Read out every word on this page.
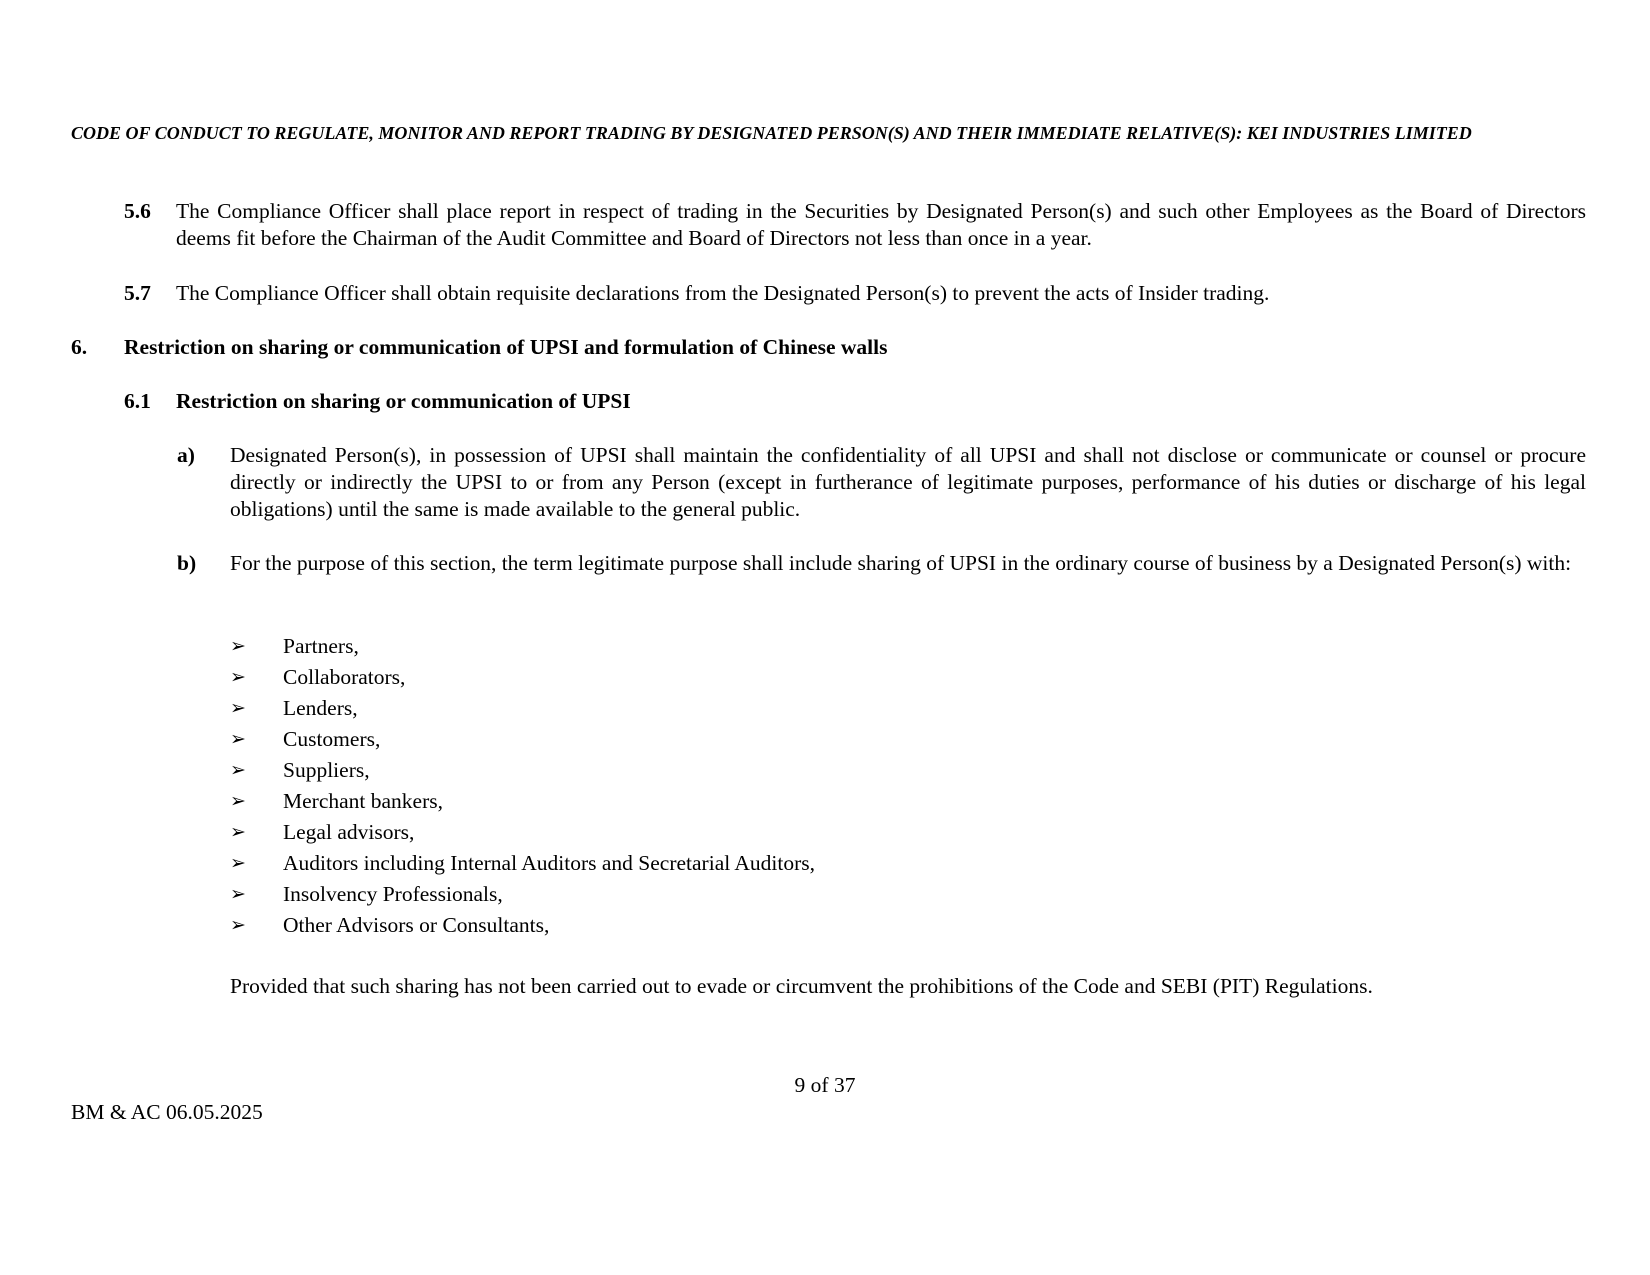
CODE OF CONDUCT TO REGULATE, MONITOR AND REPORT TRADING BY DESIGNATED PERSON(S) AND THEIR IMMEDIATE RELATIVE(S): KEI INDUSTRIES LIMITED
5.6 The Compliance Officer shall place report in respect of trading in the Securities by Designated Person(s) and such other Employees as the Board of Directors deems fit before the Chairman of the Audit Committee and Board of Directors not less than once in a year.
5.7 The Compliance Officer shall obtain requisite declarations from the Designated Person(s) to prevent the acts of Insider trading.
6. Restriction on sharing or communication of UPSI and formulation of Chinese walls
6.1 Restriction on sharing or communication of UPSI
a) Designated Person(s), in possession of UPSI shall maintain the confidentiality of all UPSI and shall not disclose or communicate or counsel or procure directly or indirectly the UPSI to or from any Person (except in furtherance of legitimate purposes, performance of his duties or discharge of his legal obligations) until the same is made available to the general public.
b) For the purpose of this section, the term legitimate purpose shall include sharing of UPSI in the ordinary course of business by a Designated Person(s) with:
➢ Partners,
➢ Collaborators,
➢ Lenders,
➢ Customers,
➢ Suppliers,
➢ Merchant bankers,
➢ Legal advisors,
➢ Auditors including Internal Auditors and Secretarial Auditors,
➢ Insolvency Professionals,
➢ Other Advisors or Consultants,
Provided that such sharing has not been carried out to evade or circumvent the prohibitions of the Code and SEBI (PIT) Regulations.
9 of 37
BM & AC 06.05.2025
